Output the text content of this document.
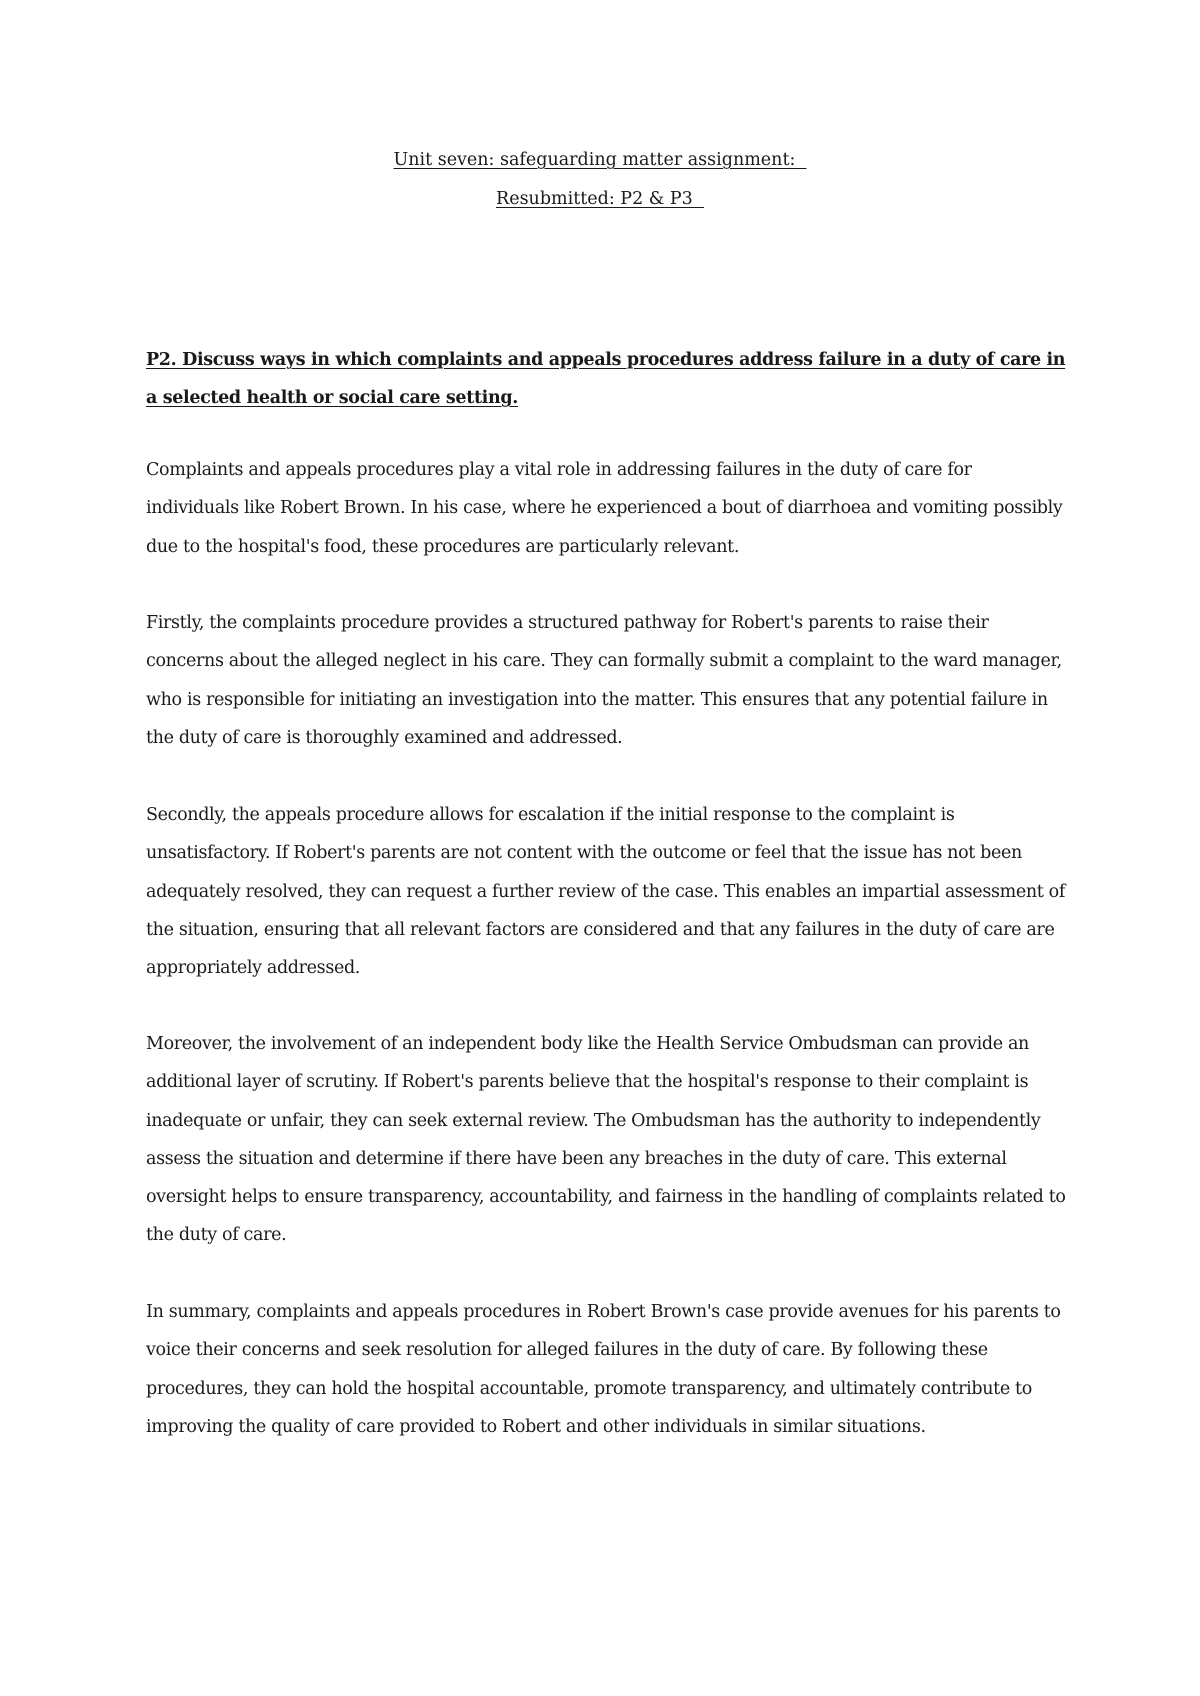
Unit seven: safeguarding matter assignment:
Resubmitted: P2 & P3
P2. Discuss ways in which complaints and appeals procedures address failure in a duty of care in a selected health or social care setting.

Complaints and appeals procedures play a vital role in addressing failures in the duty of care for individuals like Robert Brown. In his case, where he experienced a bout of diarrhoea and vomiting possibly due to the hospital's food, these procedures are particularly relevant.

Firstly, the complaints procedure provides a structured pathway for Robert's parents to raise their concerns about the alleged neglect in his care. They can formally submit a complaint to the ward manager, who is responsible for initiating an investigation into the matter. This ensures that any potential failure in the duty of care is thoroughly examined and addressed.

Secondly, the appeals procedure allows for escalation if the initial response to the complaint is unsatisfactory. If Robert's parents are not content with the outcome or feel that the issue has not been adequately resolved, they can request a further review of the case. This enables an impartial assessment of the situation, ensuring that all relevant factors are considered and that any failures in the duty of care are appropriately addressed.

Moreover, the involvement of an independent body like the Health Service Ombudsman can provide an additional layer of scrutiny. If Robert's parents believe that the hospital's response to their complaint is inadequate or unfair, they can seek external review. The Ombudsman has the authority to independently assess the situation and determine if there have been any breaches in the duty of care. This external oversight helps to ensure transparency, accountability, and fairness in the handling of complaints related to the duty of care.

In summary, complaints and appeals procedures in Robert Brown's case provide avenues for his parents to voice their concerns and seek resolution for alleged failures in the duty of care. By following these procedures, they can hold the hospital accountable, promote transparency, and ultimately contribute to improving the quality of care provided to Robert and other individuals in similar situations.
